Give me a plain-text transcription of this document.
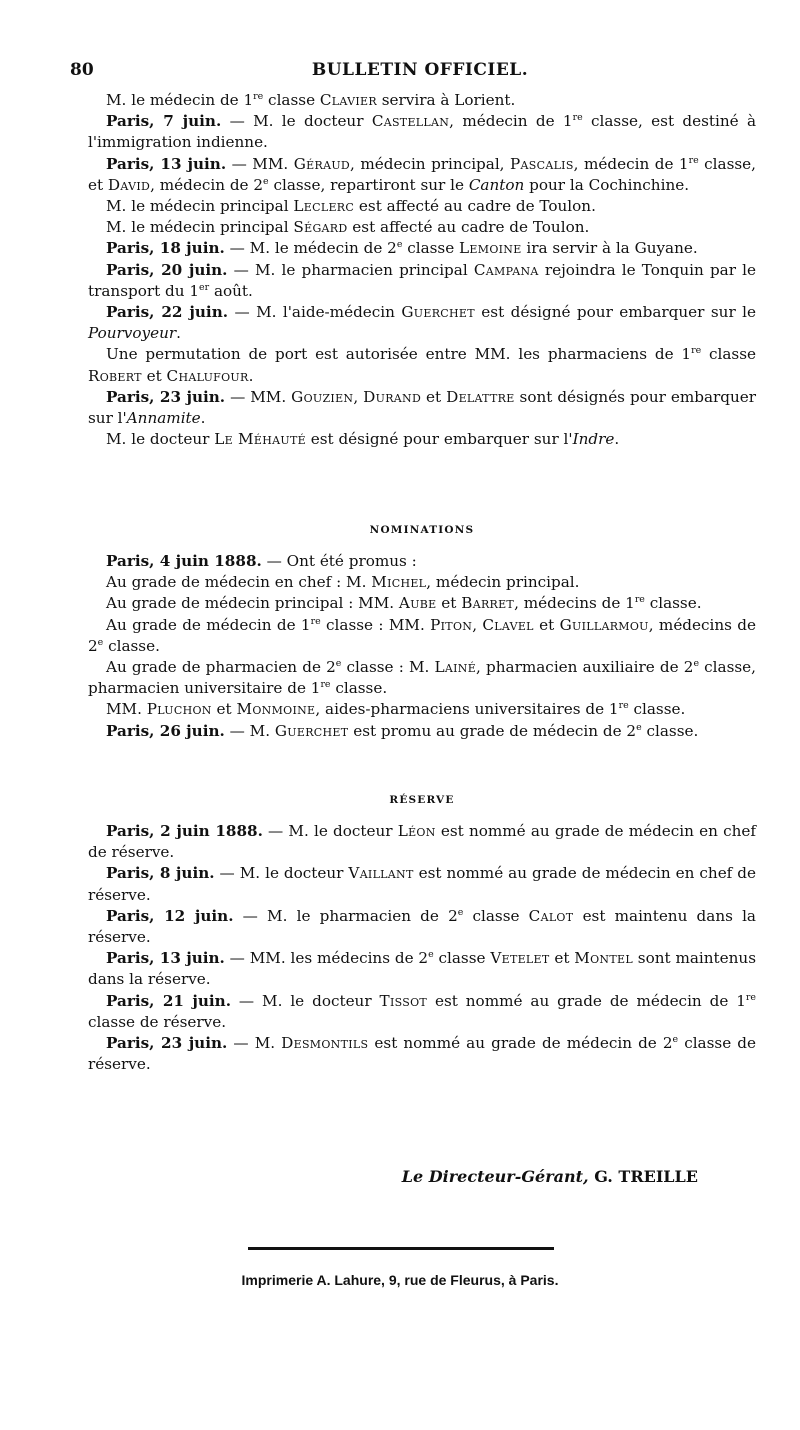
80	BULLETIN OFFICIEL.

M. le médecin de 1re classe Clavier servira à Lorient.

Paris, 7 juin. — M. le docteur Castellan, médecin de 1re classe, est destiné à l'immigration indienne.

Paris, 13 juin. — MM. Géraud, médecin principal, Pascalis, médecin de 1re classe, et David, médecin de 2e classe, repartiront sur le Canton pour la Cochinchine.

M. le médecin principal Leclerc est affecté au cadre de Toulon.

M. le médecin principal Ségard est affecté au cadre de Toulon.

Paris, 18 juin. — M. le médecin de 2e classe Lemoine ira servir à la Guyane.

Paris, 20 juin. — M. le pharmacien principal Campana rejoindra le Tonquin par le transport du 1er août.

Paris, 22 juin. — M. l'aide-médecin Guerchet est désigné pour embarquer sur le Pourvoyeur.

Une permutation de port est autorisée entre MM. les pharmaciens de 1re classe Robert et Chalufour.

Paris, 23 juin. — MM. Gouzien, Durand et Delattre sont désignés pour embarquer sur l'Annamite.

M. le docteur Le Méhauté est désigné pour embarquer sur l'Indre.

NOMINATIONS

Paris, 4 juin 1888. — Ont été promus :

Au grade de médecin en chef : M. Michel, médecin principal.

Au grade de médecin principal : MM. Aube et Barret, médecins de 1re classe.

Au grade de médecin de 1re classe : MM. Piton, Clavel et Guillarmou, médecins de 2e classe.

Au grade de pharmacien de 2e classe : M. Lainé, pharmacien auxiliaire de 2e classe, pharmacien universitaire de 1re classe.

MM. Pluchon et Monmoine, aides-pharmaciens universitaires de 1re classe.

Paris, 26 juin. — M. Guerchet est promu au grade de médecin de 2e classe.

RÉSERVE

Paris, 2 juin 1888. — M. le docteur Léon est nommé au grade de médecin en chef de réserve.

Paris, 8 juin. — M. le docteur Vaillant est nommé au grade de médecin en chef de réserve.

Paris, 12 juin. — M. le pharmacien de 2e classe Calot est maintenu dans la réserve.

Paris, 13 juin. — MM. les médecins de 2e classe Vetelet et Montel sont maintenus dans la réserve.

Paris, 21 juin. — M. le docteur Tissot est nommé au grade de médecin de 1re classe de réserve.

Paris, 23 juin. — M. Desmontils est nommé au grade de médecin de 2e classe de réserve.

Le Directeur-Gérant, G. TREILLE
Imprimerie A. Lahure, 9, rue de Fleurus, à Paris.
